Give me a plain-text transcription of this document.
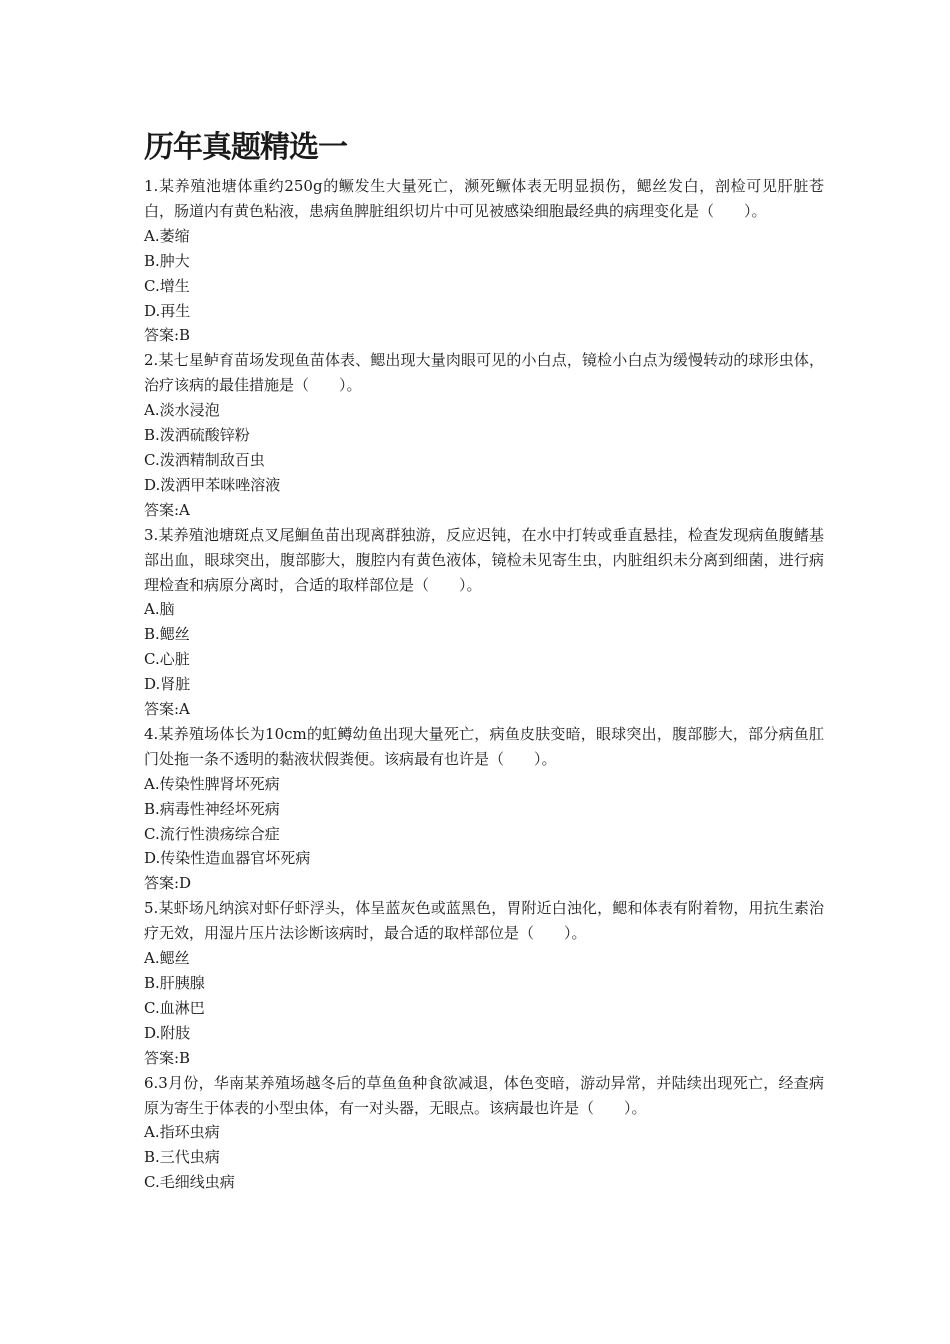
历年真题精选一

1.某养殖池塘体重约250g的鳜发生大量死亡，濒死鳜体表无明显损伤，鳃丝发白，剖检可见肝脏苍白，肠道内有黄色粘液，患病鱼脾脏组织切片中可见被感染细胞最经典的病理变化是（　　）。

A.萎缩

B.肿大

C.增生

D.再生

答案:B

2.某七星鲈育苗场发现鱼苗体表、鳃出现大量肉眼可见的小白点，镜检小白点为缓慢转动的球形虫体，治疗该病的最佳措施是（　　）。

A.淡水浸泡

B.泼洒硫酸锌粉

C.泼洒精制敌百虫

D.泼洒甲苯咪唑溶液

答案:A

3.某养殖池塘斑点叉尾鮰鱼苗出现离群独游，反应迟钝，在水中打转或垂直悬挂，检查发现病鱼腹鳍基部出血，眼球突出，腹部膨大，腹腔内有黄色液体，镜检未见寄生虫，内脏组织未分离到细菌，进行病理检查和病原分离时，合适的取样部位是（　　）。

A.脑

B.鳃丝

C.心脏

D.肾脏

答案:A

4.某养殖场体长为10cm的虹鳟幼鱼出现大量死亡，病鱼皮肤变暗，眼球突出，腹部膨大，部分病鱼肛门处拖一条不透明的黏液状假粪便。该病最有也许是（　　）。

A.传染性脾肾坏死病

B.病毒性神经坏死病

C.流行性溃疡综合症

D.传染性造血器官坏死病

答案:D

5.某虾场凡纳滨对虾仔虾浮头，体呈蓝灰色或蓝黑色，胃附近白浊化，鳃和体表有附着物，用抗生素治疗无效，用湿片压片法诊断该病时，最合适的取样部位是（　　）。

A.鳃丝

B.肝胰腺

C.血淋巴

D.附肢

答案:B

6.3月份，华南某养殖场越冬后的草鱼鱼种食欲减退，体色变暗，游动异常，并陆续出现死亡，经查病原为寄生于体表的小型虫体，有一对头器，无眼点。该病最也许是（　　）。

A.指环虫病

B.三代虫病

C.毛细线虫病
